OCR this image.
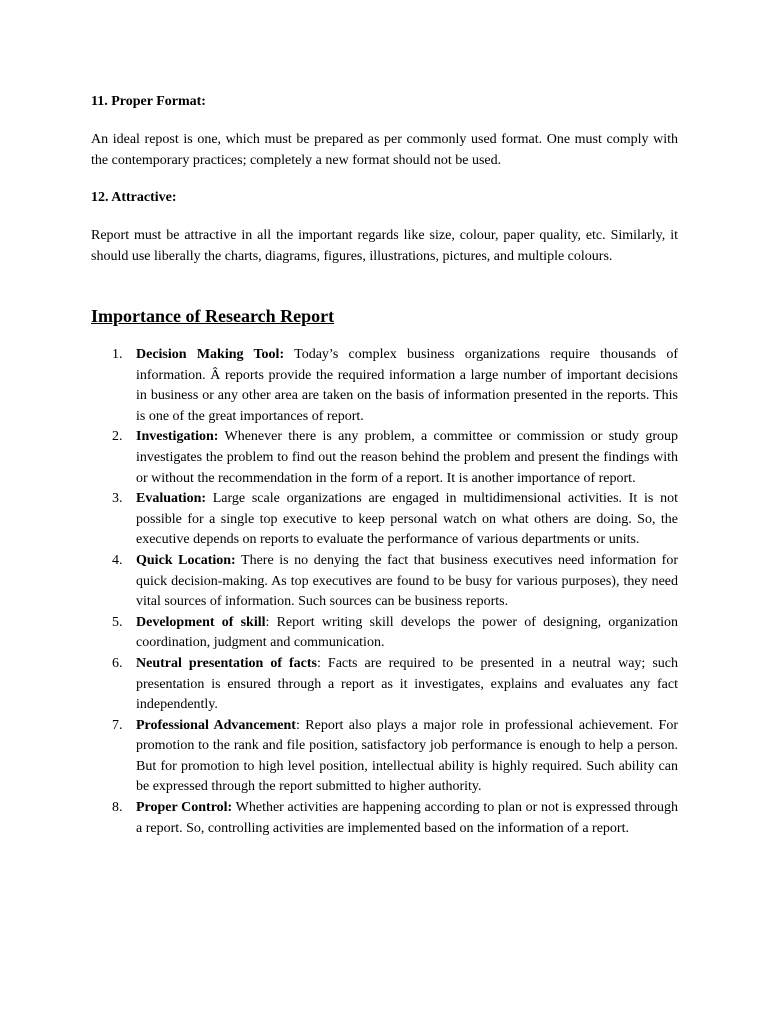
11. Proper Format:

An ideal repost is one, which must be prepared as per commonly used format. One must comply with the contemporary practices; completely a new format should not be used.

12. Attractive:

Report must be attractive in all the important regards like size, colour, paper quality, etc. Similarly, it should use liberally the charts, diagrams, figures, illustrations, pictures, and multiple colours.

Importance of Research Report
1. Decision Making Tool: Today’s complex business organizations require thousands of information. Â reports provide the required information a large number of important decisions in business or any other area are taken on the basis of information presented in the reports. This is one of the great importances of report.
2. Investigation: Whenever there is any problem, a committee or commission or study group investigates the problem to find out the reason behind the problem and present the findings with or without the recommendation in the form of a report. It is another importance of report.
3. Evaluation: Large scale organizations are engaged in multidimensional activities. It is not possible for a single top executive to keep personal watch on what others are doing. So, the executive depends on reports to evaluate the performance of various departments or units.
4. Quick Location: There is no denying the fact that business executives need information for quick decision-making. As top executives are found to be busy for various purposes), they need vital sources of information. Such sources can be business reports.
5. Development of skill: Report writing skill develops the power of designing, organization coordination, judgment and communication.
6. Neutral presentation of facts: Facts are required to be presented in a neutral way; such presentation is ensured through a report as it investigates, explains and evaluates any fact independently.
7. Professional Advancement: Report also plays a major role in professional achievement. For promotion to the rank and file position, satisfactory job performance is enough to help a person. But for promotion to high level position, intellectual ability is highly required. Such ability can be expressed through the report submitted to higher authority.
8. Proper Control: Whether activities are happening according to plan or not is expressed through a report. So, controlling activities are implemented based on the information of a report.
